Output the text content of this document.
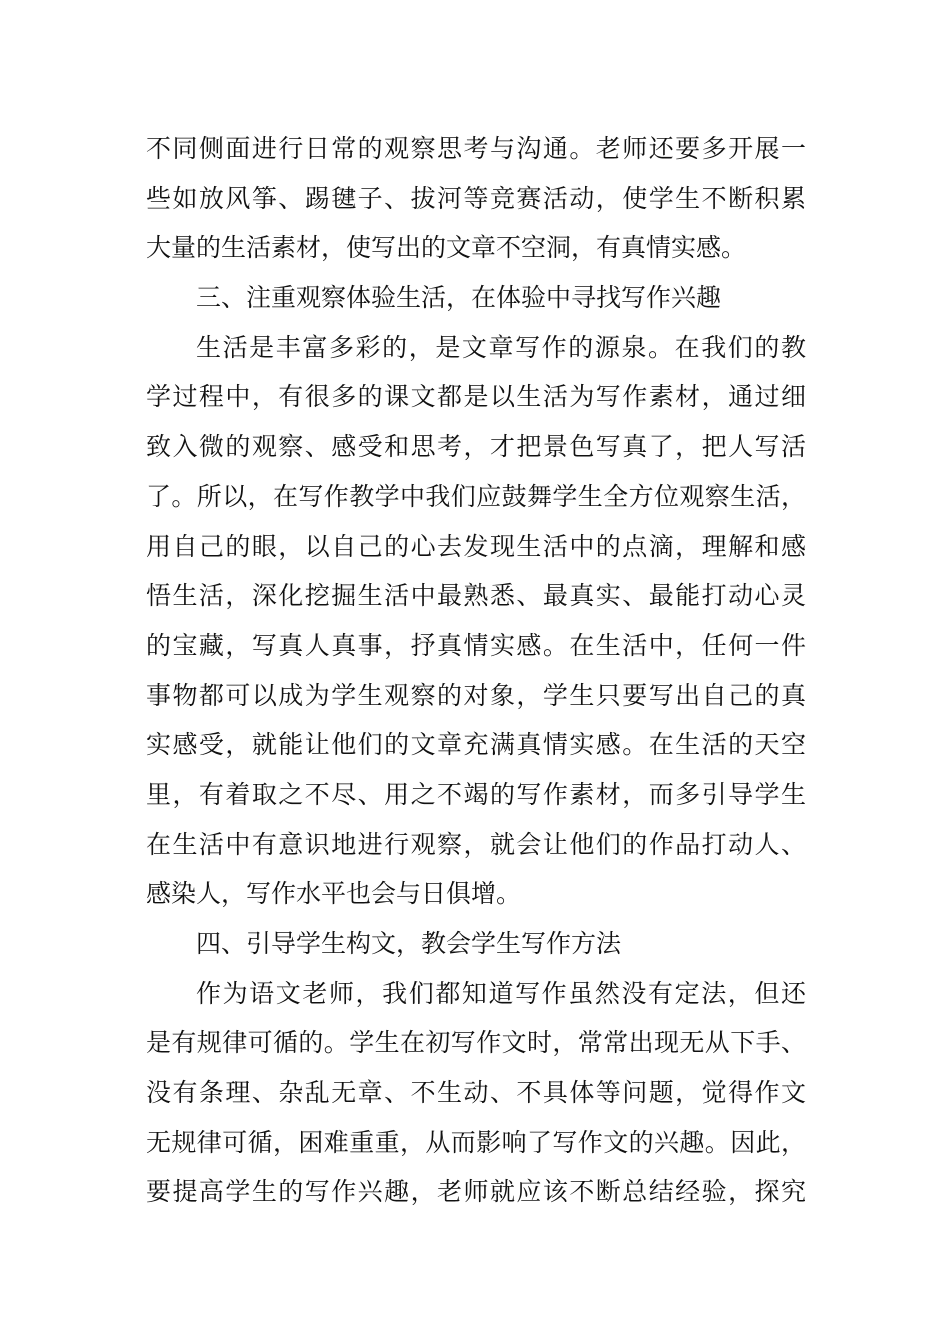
不同侧面进行日常的观察思考与沟通。老师还要多开展一
些如放风筝、踢毽子、拔河等竞赛活动，使学生不断积累
大量的生活素材，使写出的文章不空洞，有真情实感。
三、注重观察体验生活，在体验中寻找写作兴趣
生活是丰富多彩的，是文章写作的源泉。在我们的教
学过程中，有很多的课文都是以生活为写作素材，通过细
致入微的观察、感受和思考，才把景色写真了，把人写活
了。所以，在写作教学中我们应鼓舞学生全方位观察生活，
用自己的眼，以自己的心去发现生活中的点滴，理解和感
悟生活，深化挖掘生活中最熟悉、最真实、最能打动心灵
的宝藏，写真人真事，抒真情实感。在生活中，任何一件
事物都可以成为学生观察的对象，学生只要写出自己的真
实感受，就能让他们的文章充满真情实感。在生活的天空
里，有着取之不尽、用之不竭的写作素材，而多引导学生
在生活中有意识地进行观察，就会让他们的作品打动人、
感染人，写作水平也会与日俱增。
四、引导学生构文，教会学生写作方法
作为语文老师，我们都知道写作虽然没有定法，但还
是有规律可循的。学生在初写作文时，常常出现无从下手、
没有条理、杂乱无章、不生动、不具体等问题，觉得作文
无规律可循，困难重重，从而影响了写作文的兴趣。因此，
要提高学生的写作兴趣，老师就应该不断总结经验，探究
